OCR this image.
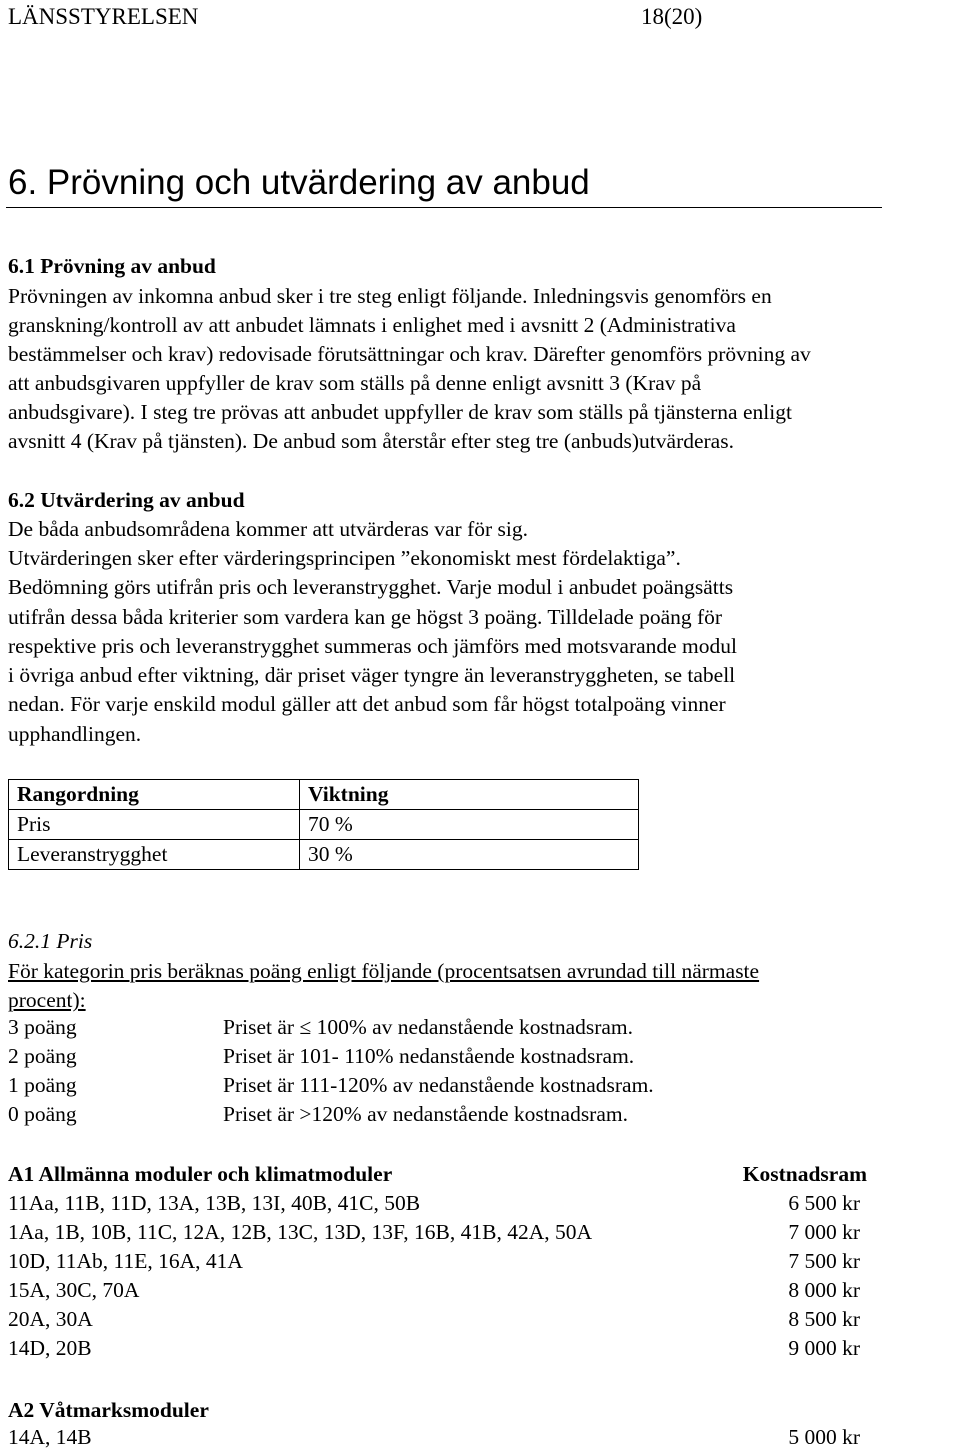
LÄNSSTYRELSEN	18(20)
6. Prövning och utvärdering av anbud
6.1 Prövning av anbud
Prövningen av inkomna anbud sker i tre steg enligt följande. Inledningsvis genomförs en
granskning/kontroll av att anbudet lämnats i enlighet med i avsnitt 2 (Administrativa
bestämmelser och krav) redovisade förutsättningar och krav. Därefter genomförs prövning av
att anbudsgivaren uppfyller de krav som ställs på denne enligt avsnitt 3 (Krav på
anbudsgivare). I steg tre prövas att anbudet uppfyller de krav som ställs på tjänsterna enligt
avsnitt 4 (Krav på tjänsten). De anbud som återstår efter steg tre (anbuds)utvärderas.
6.2 Utvärdering av anbud
De båda anbudsområdena kommer att utvärderas var för sig.
Utvärderingen sker efter värderingsprincipen ”ekonomiskt mest fördelaktiga”.
Bedömning görs utifrån pris och leveranstrygghet. Varje modul i anbudet poängsätts
utifrån dessa båda kriterier som vardera kan ge högst 3 poäng. Tilldelade poäng för
respektive pris och leveranstrygghet summeras och jämförs med motsvarande modul
i övriga anbud efter viktning, där priset väger tyngre än leveranstryggheten, se tabell
nedan. För varje enskild modul gäller att det anbud som får högst totalpoäng vinner
upphandlingen.
Rangordning	Viktning
Pris	70 %
Leveranstrygghet	30 %
6.2.1 Pris
För kategorin pris beräknas poäng enligt följande (procentsatsen avrundad till närmaste
procent):
3 poäng	Priset är ≤ 100% av nedanstående kostnadsram.
2 poäng	Priset är 101- 110% nedanstående kostnadsram.
1 poäng	Priset är 111-120% av nedanstående kostnadsram.
0 poäng	Priset är >120% av nedanstående kostnadsram.
A1 Allmänna moduler och klimatmoduler	Kostnadsram
11Aa, 11B, 11D, 13A, 13B, 13I, 40B, 41C, 50B	6 500 kr
1Aa, 1B, 10B, 11C, 12A, 12B, 13C, 13D, 13F, 16B, 41B, 42A, 50A	7 000 kr
10D, 11Ab, 11E, 16A, 41A	7 500 kr
15A, 30C, 70A	8 000 kr
20A, 30A	8 500 kr
14D, 20B	9 000 kr
A2 Våtmarksmoduler
14A, 14B	5 000 kr
